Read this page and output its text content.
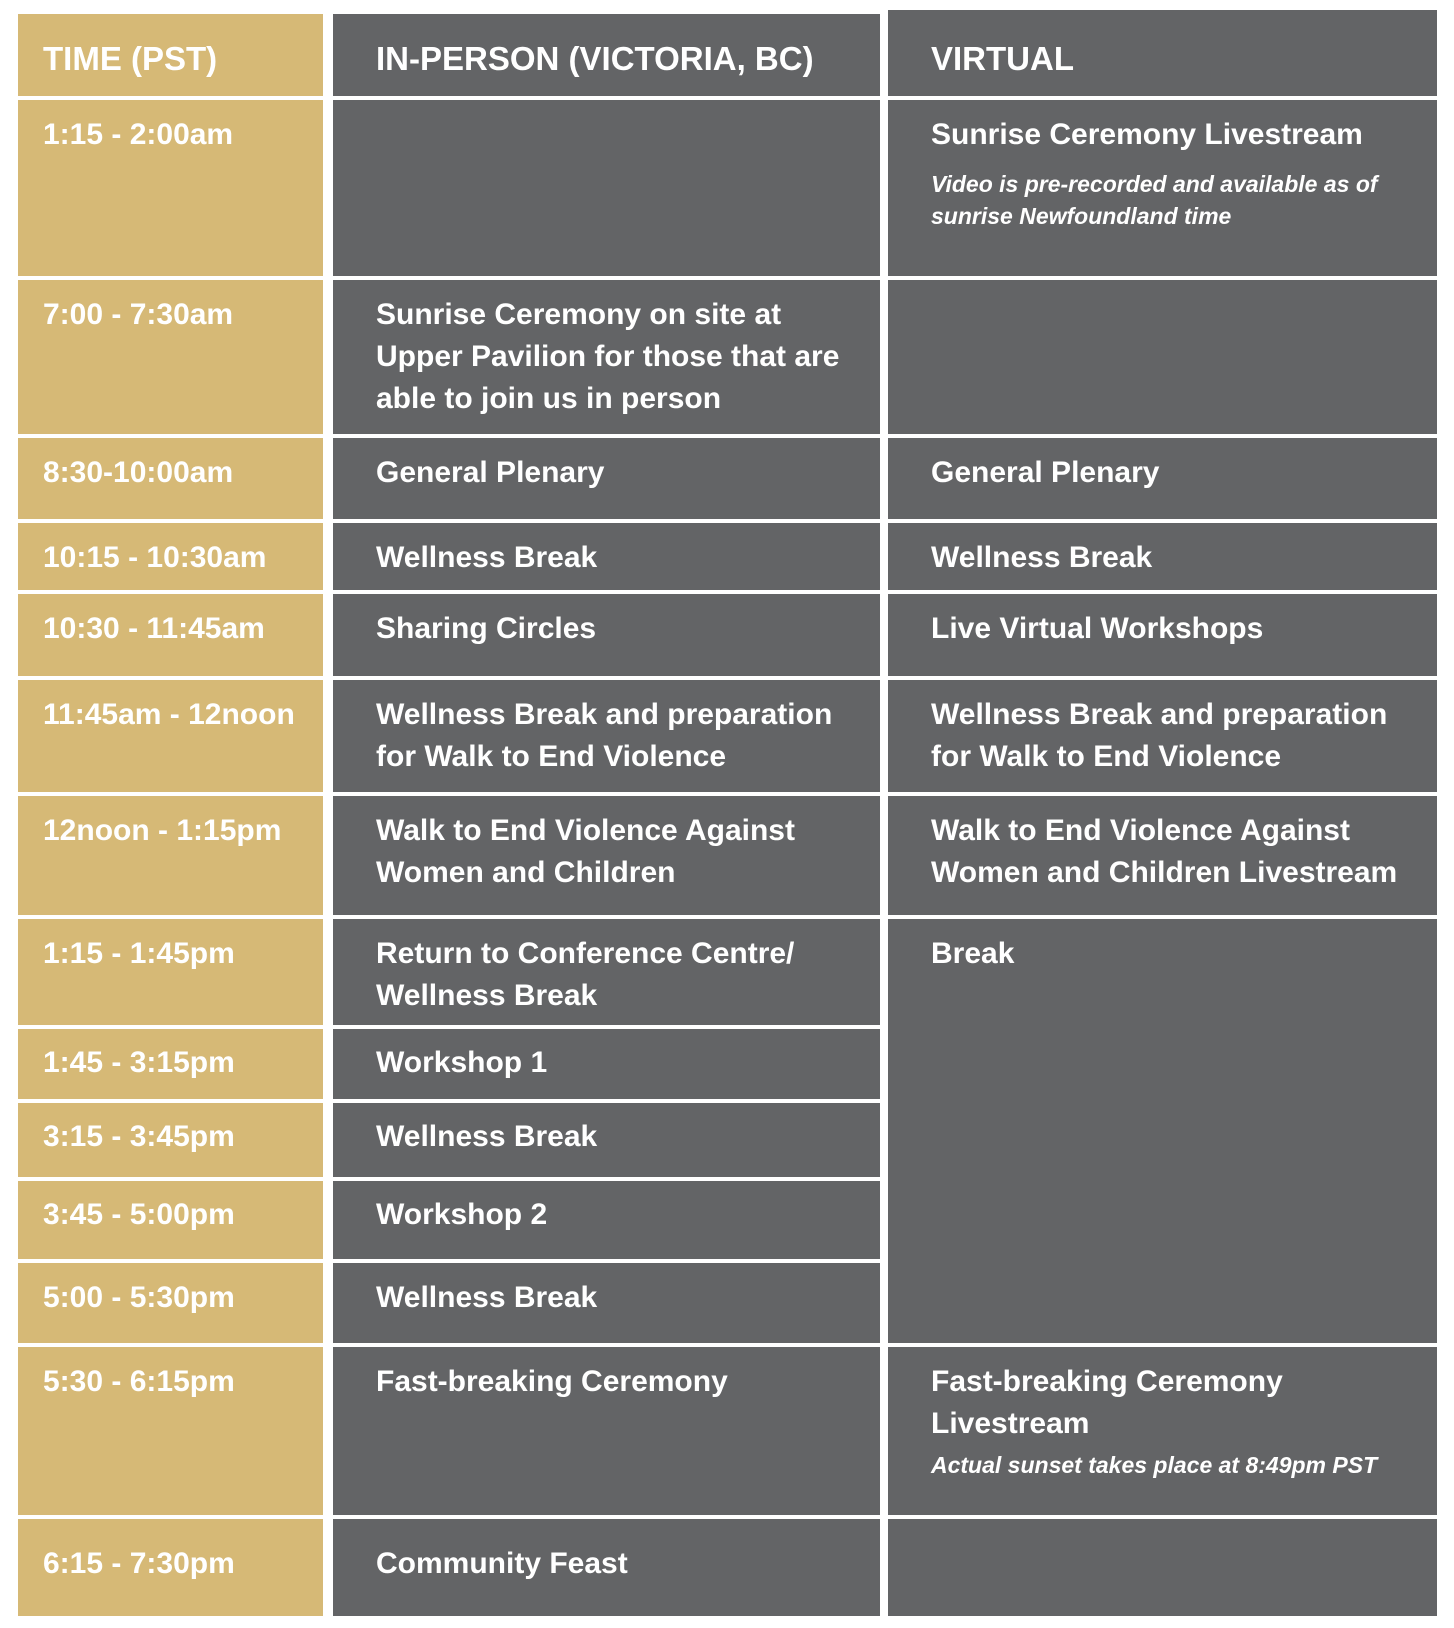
TIME (PST)	IN-PERSON (VICTORIA, BC)	VIRTUAL
1:15 - 2:00am
7:00 - 7:30am
8:30-10:00am
10:15 - 10:30am
10:30 - 11:45am
11:45am - 12noon
12noon - 1:15pm
1:15 - 1:45pm
1:45 - 3:15pm
3:15 - 3:45pm
3:45 - 5:00pm
5:00 - 5:30pm
5:30 - 6:15pm
6:15 - 7:30pm
Sunrise Ceremony on site at Upper Pavilion for those that are able to join us in person
General Plenary
Wellness Break
Sharing Circles
Wellness Break and preparation for Walk to End Violence
Walk to End Violence Against Women and Children
Return to Conference Centre/ Wellness Break
Workshop 1
Wellness Break
Workshop 2
Wellness Break
Fast-breaking Ceremony
Community Feast
Sunrise Ceremony Livestream
Video is pre-recorded and available as of sunrise Newfoundland time
General Plenary
Wellness Break
Live Virtual Workshops
Wellness Break and preparation for Walk to End Violence
Walk to End Violence Against Women and Children Livestream
Break
Fast-breaking Ceremony Livestream
Actual sunset takes place at 8:49pm PST
